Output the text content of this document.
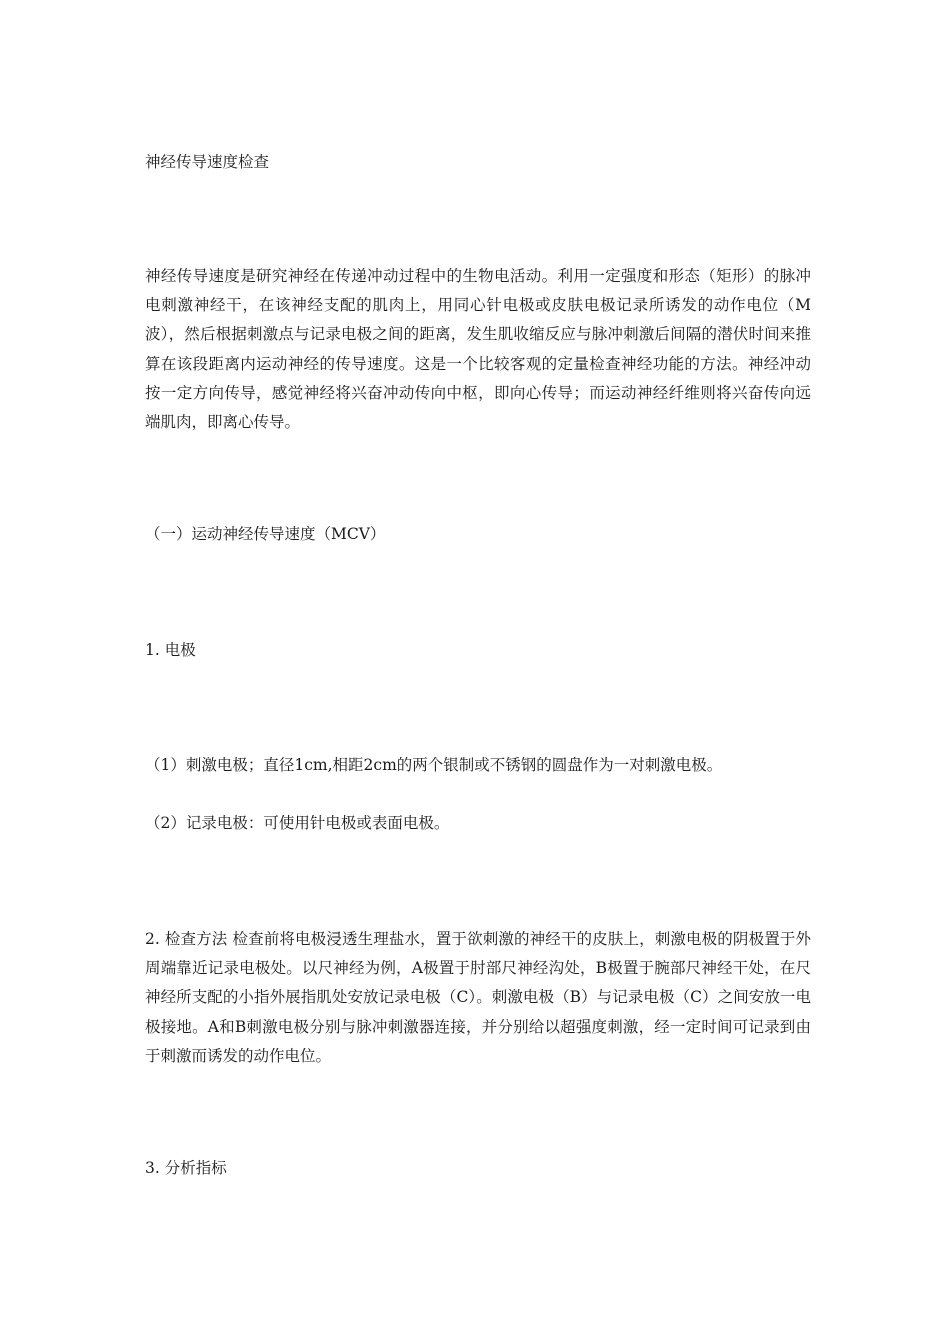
神经传导速度检查
神经传导速度是研究神经在传递冲动过程中的生物电活动。利用一定强度和形态（矩形）的脉冲电刺激神经干，在该神经支配的肌肉上，用同心针电极或皮肤电极记录所诱发的动作电位（M波），然后根据刺激点与记录电极之间的距离，发生肌收缩反应与脉冲刺激后间隔的潜伏时间来推算在该段距离内运动神经的传导速度。这是一个比较客观的定量检查神经功能的方法。神经冲动按一定方向传导，感觉神经将兴奋冲动传向中枢，即向心传导；而运动神经纤维则将兴奋传向远端肌肉，即离心传导。
（一）运动神经传导速度（MCV）
1. 电极
（1）刺激电极；直径1cm,相距2cm的两个银制或不锈钢的圆盘作为一对刺激电极。
（2）记录电极：可使用针电极或表面电极。
2. 检查方法 检查前将电极浸透生理盐水，置于欲刺激的神经干的皮肤上，刺激电极的阴极置于外周端靠近记录电极处。以尺神经为例，A极置于肘部尺神经沟处，B极置于腕部尺神经干处，在尺神经所支配的小指外展指肌处安放记录电极（C）。刺激电极（B）与记录电极（C）之间安放一电极接地。A和B刺激电极分别与脉冲刺激器连接，并分别给以超强度刺激，经一定时间可记录到由于刺激而诱发的动作电位。
3. 分析指标
